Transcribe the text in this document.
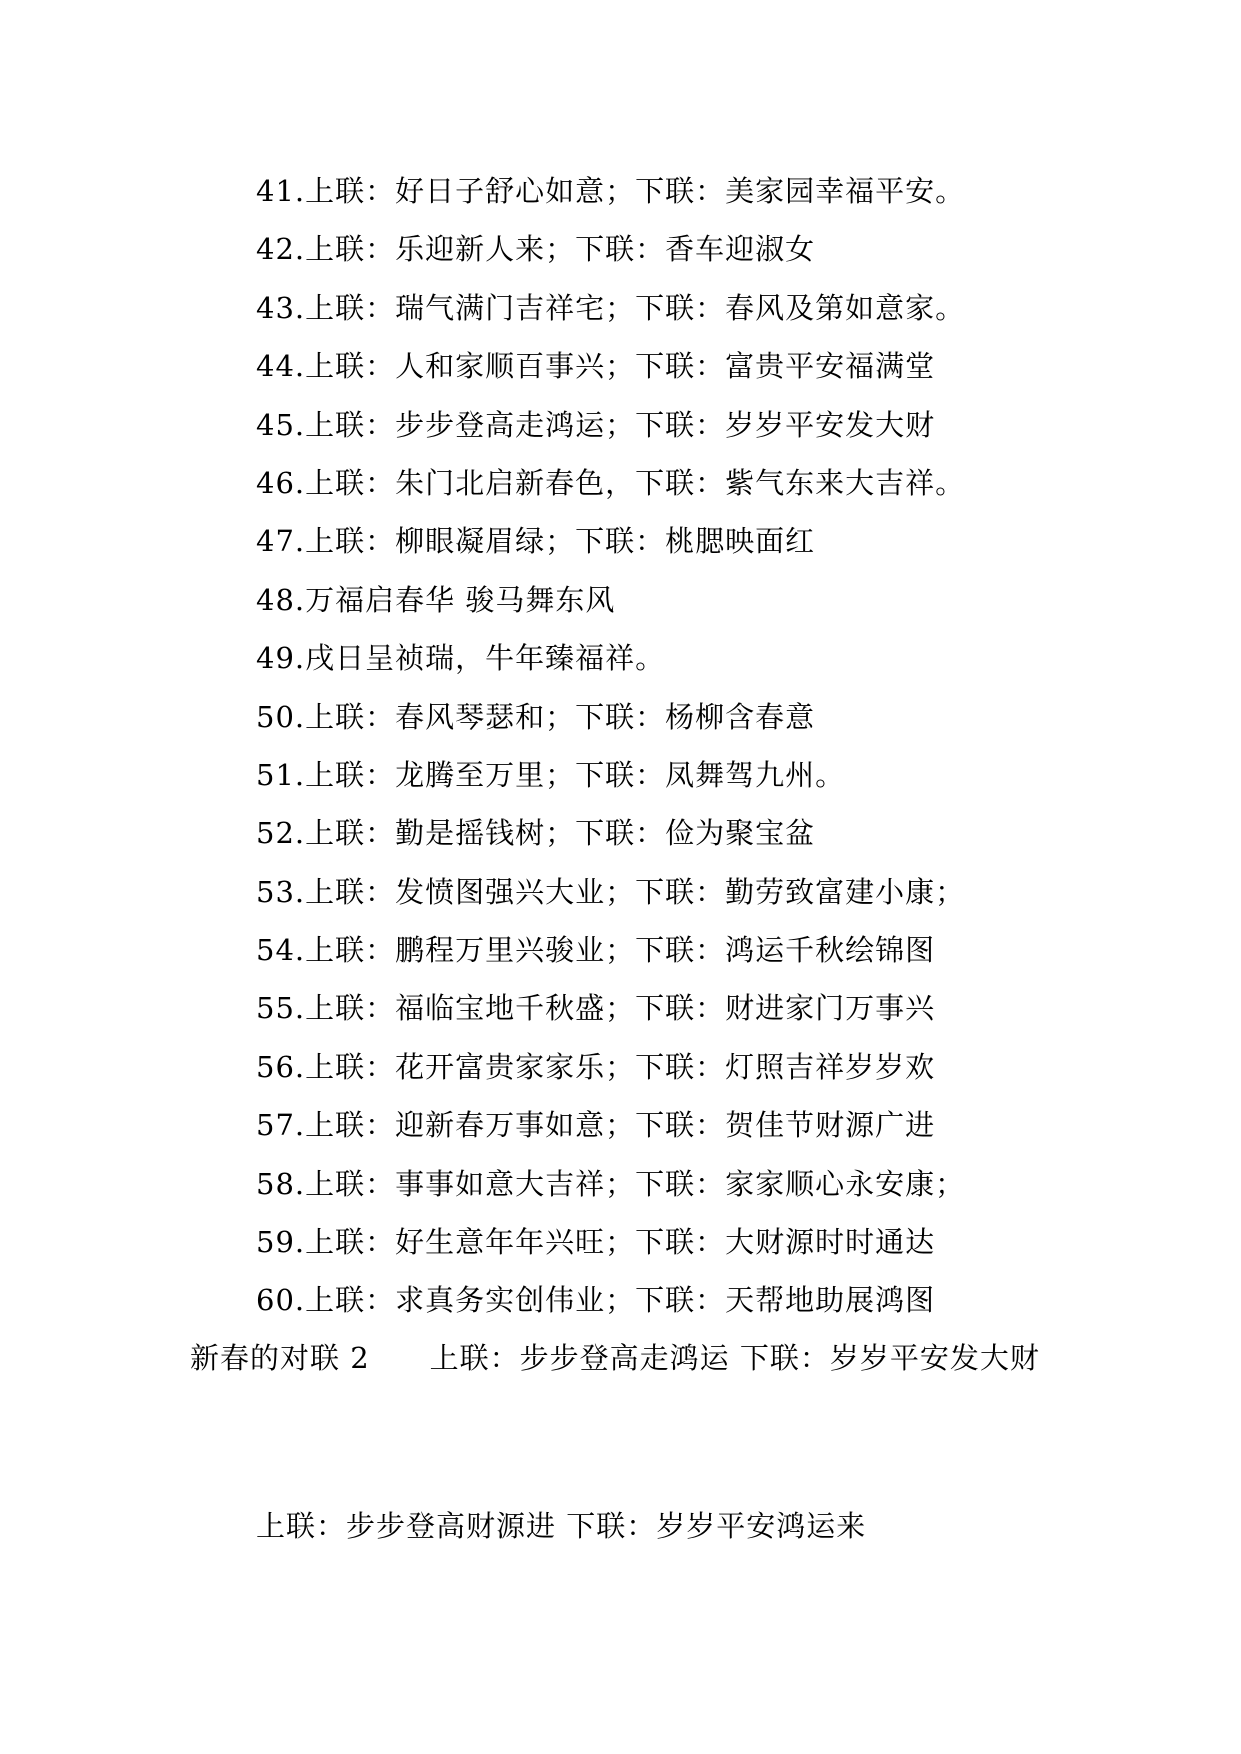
41.上联：好日子舒心如意；下联：美家园幸福平安。
42.上联：乐迎新人来；下联：香车迎淑女
43.上联：瑞气满门吉祥宅；下联：春风及第如意家。
44.上联：人和家顺百事兴；下联：富贵平安福满堂
45.上联：步步登高走鸿运；下联：岁岁平安发大财
46.上联：朱门北启新春色，下联：紫气东来大吉祥。
47.上联：柳眼凝眉绿；下联：桃腮映面红
48.万福启春华 骏马舞东风
49.戌日呈祯瑞，牛年臻福祥。
50.上联：春风琴瑟和；下联：杨柳含春意
51.上联：龙腾至万里；下联：凤舞驾九州。
52.上联：勤是摇钱树；下联：俭为聚宝盆
53.上联：发愤图强兴大业；下联：勤劳致富建小康；
54.上联：鹏程万里兴骏业；下联：鸿运千秋绘锦图
55.上联：福临宝地千秋盛；下联：财进家门万事兴
56.上联：花开富贵家家乐；下联：灯照吉祥岁岁欢
57.上联：迎新春万事如意；下联：贺佳节财源广进
58.上联：事事如意大吉祥；下联：家家顺心永安康；
59.上联：好生意年年兴旺；下联：大财源时时通达
60.上联：求真务实创伟业；下联：天帮地助展鸿图
新春的对联 2 上联：步步登高走鸿运 下联：岁岁平安发大财
上联：步步登高财源进 下联：岁岁平安鸿运来
